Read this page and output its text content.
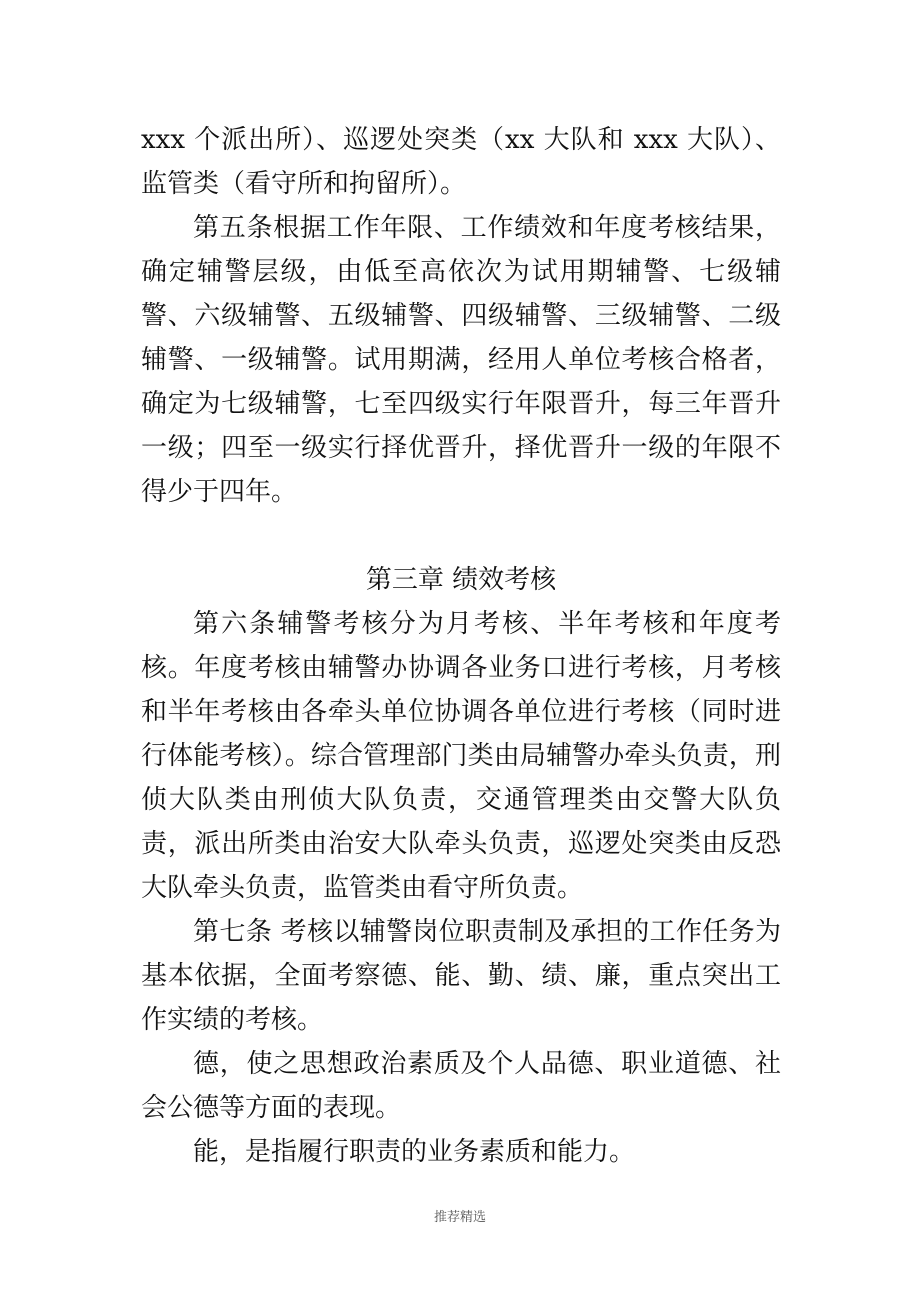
xxx 个派出所）、巡逻处突类（xx 大队和 xxx 大队）、监管类（看守所和拘留所）。

第五条根据工作年限、工作绩效和年度考核结果，确定辅警层级，由低至高依次为试用期辅警、七级辅警、六级辅警、五级辅警、四级辅警、三级辅警、二级辅警、一级辅警。试用期满，经用人单位考核合格者，确定为七级辅警，七至四级实行年限晋升，每三年晋升一级；四至一级实行择优晋升，择优晋升一级的年限不得少于四年。

第三章 绩效考核

第六条辅警考核分为月考核、半年考核和年度考核。年度考核由辅警办协调各业务口进行考核，月考核和半年考核由各牵头单位协调各单位进行考核（同时进行体能考核）。综合管理部门类由局辅警办牵头负责，刑侦大队类由刑侦大队负责，交通管理类由交警大队负责，派出所类由治安大队牵头负责，巡逻处突类由反恐大队牵头负责，监管类由看守所负责。

第七条 考核以辅警岗位职责制及承担的工作任务为基本依据，全面考察德、能、勤、绩、廉，重点突出工作实绩的考核。

德，使之思想政治素质及个人品德、职业道德、社会公德等方面的表现。

能，是指履行职责的业务素质和能力。

推荐精选
